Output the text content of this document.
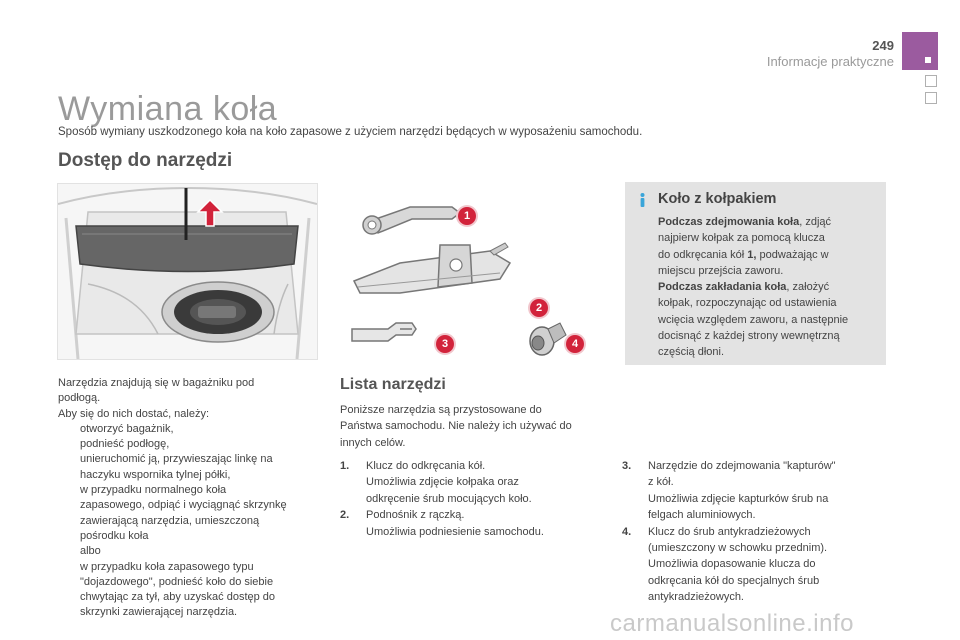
249
Informacje praktyczne
Wymiana koła
Sposób wymiany uszkodzonego koła na koło zapasowe z użyciem narzędzi będących w wyposażeniu samochodu.
Dostęp do narzędzi
1
2
3	4
Koło z kołpakiem
Podczas zdejmowania koła, zdjąć
najpierw kołpak za pomocą klucza
do odkręcania kół 1, podważając w
miejscu przejścia zaworu.
Podczas zakładania koła, założyć
kołpak, rozpoczynając od ustawienia
wcięcia względem zaworu, a następnie
docisnąć z każdej strony wewnętrzną
częścią dłoni.
Narzędzia znajdują się w bagażniku pod
podłogą.
Aby się do nich dostać, należy:
otworzyć bagażnik,
podnieść podłogę,
unieruchomić ją, przywieszając linkę na
haczyku wspornika tylnej półki,
w przypadku normalnego koła
zapasowego, odpiąć i wyciągnąć skrzynkę
zawierającą narzędzia, umieszczoną
pośrodku koła
albo
w przypadku koła zapasowego typu
"dojazdowego", podnieść koło do siebie
chwytając za tył, aby uzyskać dostęp do
skrzynki zawierającej narzędzia.
Lista narzędzi
Poniższe narzędzia są przystosowane do
Państwa samochodu. Nie należy ich używać do
innych celów.
1. Klucz do odkręcania kół.
Umożliwia zdjęcie kołpaka oraz
odkręcenie śrub mocujących koło.
2. Podnośnik z rączką.
Umożliwia podniesienie samochodu.
3. Narzędzie do zdejmowania "kapturów"
z kół.
Umożliwia zdjęcie kapturków śrub na
felgach aluminiowych.
4. Klucz do śrub antykradzieżowych
(umieszczony w schowku przednim).
Umożliwia dopasowanie klucza do
odkręcania kół do specjalnych śrub
antykradzieżowych.
carmanualsonline.info
